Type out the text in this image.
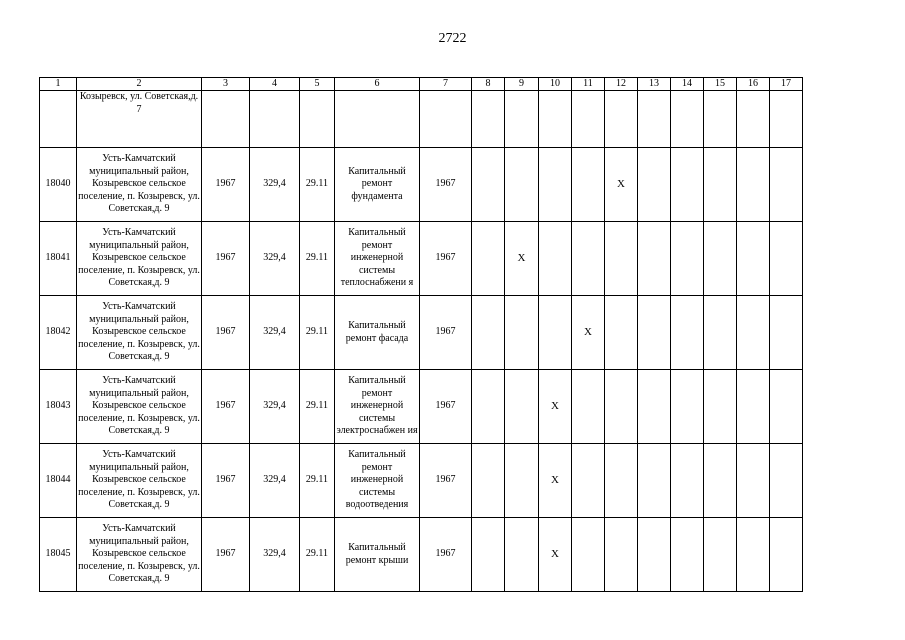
2722
1	2	3	4	5	6	7	8	9	10	11	12	13	14	15	16	17
	Козыревск, ул. Советская,д. 7															
18040	Усть-Камчатский муниципальный район, Козыревское сельское поселение, п. Козыревск, ул. Советская,д. 9	1967	329,4	29.11	Капитальный ремонт фундамента	1967					X					
18041	Усть-Камчатский муниципальный район, Козыревское сельское поселение, п. Козыревск, ул. Советская,д. 9	1967	329,4	29.11	Капитальный ремонт инженерной системы теплоснабжени я	1967		X								
18042	Усть-Камчатский муниципальный район, Козыревское сельское поселение, п. Козыревск, ул. Советская,д. 9	1967	329,4	29.11	Капитальный ремонт фасада	1967				X						
18043	Усть-Камчатский муниципальный район, Козыревское сельское поселение, п. Козыревск, ул. Советская,д. 9	1967	329,4	29.11	Капитальный ремонт инженерной системы электроснабжен ия	1967			X							
18044	Усть-Камчатский муниципальный район, Козыревское сельское поселение, п. Козыревск, ул. Советская,д. 9	1967	329,4	29.11	Капитальный ремонт инженерной системы водоотведения	1967			X							
18045	Усть-Камчатский муниципальный район, Козыревское сельское поселение, п. Козыревск, ул. Советская,д. 9	1967	329,4	29.11	Капитальный ремонт крыши	1967			X							
